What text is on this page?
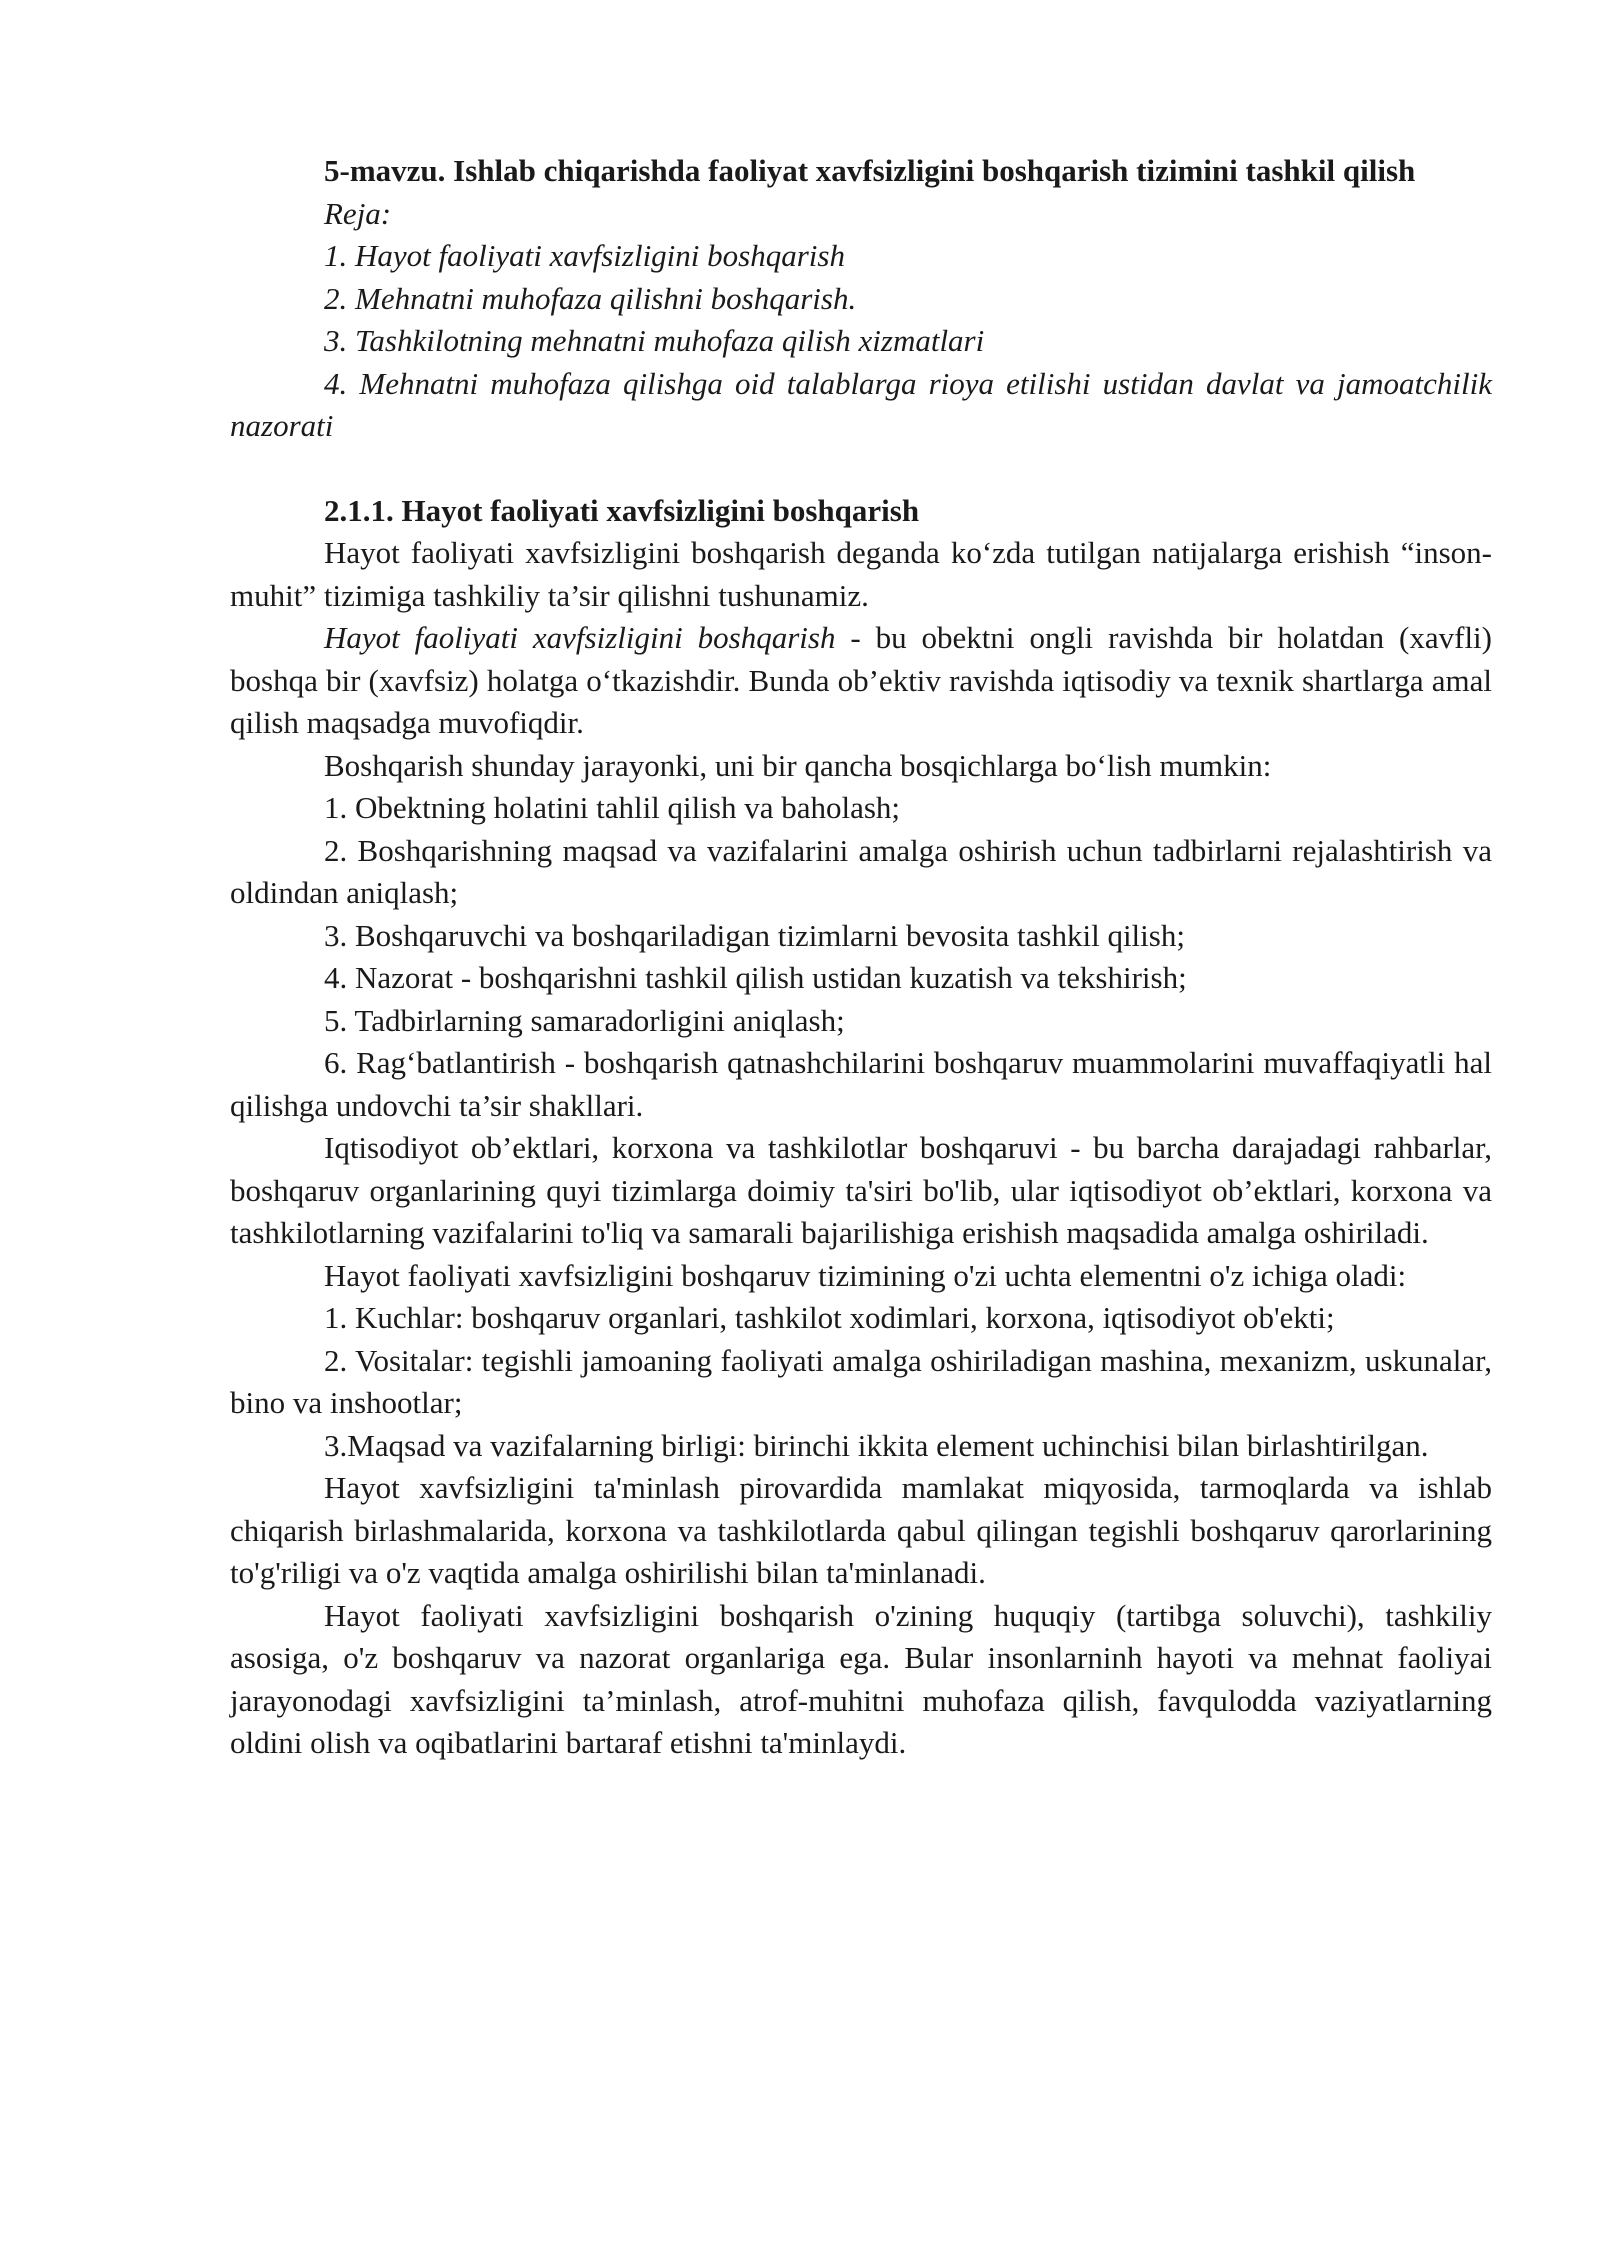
5-mavzu. Ishlab chiqarishda faoliyat xavfsizligini boshqarish tizimini tashkil qilish

Reja:

1. Hayot faoliyati xavfsizligini boshqarish

2. Mehnatni muhofaza qilishni boshqarish.

3. Tashkilotning mehnatni muhofaza qilish xizmatlari

4. Mehnatni muhofaza qilishga oid talablarga rioya etilishi ustidan davlat va jamoatchilik nazorati

2.1.1. Hayot faoliyati xavfsizligini boshqarish

Hayot faoliyati xavfsizligini boshqarish deganda ko‘zda tutilgan natijalarga erishish “inson-muhit” tizimiga tashkiliy ta’sir qilishni tushunamiz.

Hayot faoliyati xavfsizligini boshqarish - bu obektni ongli ravishda bir holatdan (xavfli) boshqa bir (xavfsiz) holatga o‘tkazishdir. Bunda ob’ektiv ravishda iqtisodiy va texnik shartlarga amal qilish maqsadga muvofiqdir.

Boshqarish shunday jarayonki, uni bir qancha bosqichlarga bo‘lish mumkin:

1. Obektning holatini tahlil qilish va baholash;

2. Boshqarishning maqsad va vazifalarini amalga oshirish uchun tadbirlarni rejalashtirish va oldindan aniqlash;

3. Boshqaruvchi va boshqariladigan tizimlarni bevosita tashkil qilish;

4. Nazorat - boshqarishni tashkil qilish ustidan kuzatish va tekshirish;

5. Tadbirlarning samaradorligini aniqlash;

6. Rag‘batlantirish - boshqarish qatnashchilarini boshqaruv muammolarini muvaffaqiyatli hal qilishga undovchi ta’sir shakllari.

Iqtisodiyot ob’ektlari, korxona va tashkilotlar boshqaruvi - bu barcha darajadagi rahbarlar, boshqaruv organlarining quyi tizimlarga doimiy ta'siri bo'lib, ular iqtisodiyot ob’ektlari, korxona va tashkilotlarning vazifalarini to'liq va samarali bajarilishiga erishish maqsadida amalga oshiriladi.

Hayot faoliyati xavfsizligini boshqaruv tizimining o'zi uchta elementni o'z ichiga oladi:

1. Kuchlar: boshqaruv organlari, tashkilot xodimlari, korxona, iqtisodiyot ob'ekti;

2. Vositalar: tegishli jamoaning faoliyati amalga oshiriladigan mashina, mexanizm, uskunalar, bino va inshootlar;

3.Maqsad va vazifalarning birligi: birinchi ikkita element uchinchisi bilan birlashtirilgan.

Hayot xavfsizligini ta'minlash pirovardida mamlakat miqyosida, tarmoqlarda va ishlab chiqarish birlashmalarida, korxona va tashkilotlarda qabul qilingan tegishli boshqaruv qarorlarining to'g'riligi va o'z vaqtida amalga oshirilishi bilan ta'minlanadi.

Hayot faoliyati xavfsizligini boshqarish o'zining huquqiy (tartibga soluvchi), tashkiliy asosiga, o'z boshqaruv va nazorat organlariga ega. Bular insonlarninh hayoti va mehnat faoliyai jarayonodagi xavfsizligini ta’minlash, atrof-muhitni muhofaza qilish, favqulodda vaziyatlarning oldini olish va oqibatlarini bartaraf etishni ta'minlaydi.
